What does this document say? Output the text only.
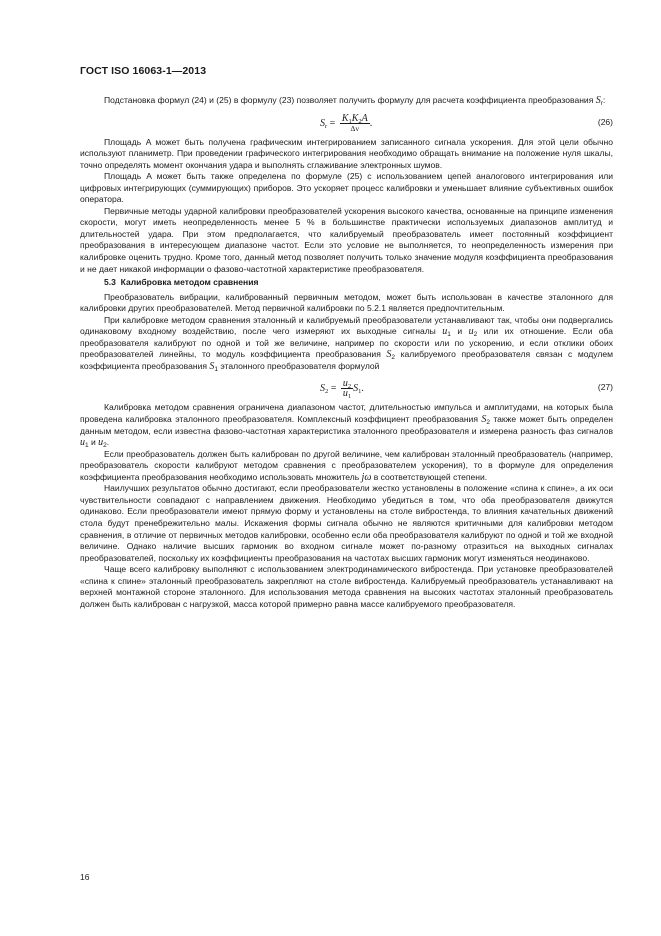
ГОСТ ISO 16063-1—2013

Подстановка формул (24) и (25) в формулу (23) позволяет получить формулу для расчета коэффициента преобразования $S_r$:

$S_r = \frac{K_1K_2A}{\Delta v}$ .	(26)

Площадь A может быть получена графическим интегрированием записанного сигнала ускорения. Для этой цели обычно используют планиметр. При проведении графического интегрирования необходимо обращать внимание на положение нуля шкалы, точно определять момент окончания удара и выполнять сглаживание электронных шумов.

Площадь A может быть также определена по формуле (25) с использованием цепей аналогового интегрирования или цифровых интегрирующих (суммирующих) приборов. Это ускоряет процесс калибровки и уменьшает влияние субъективных ошибок оператора.

Первичные методы ударной калибровки преобразователей ускорения высокого качества, основанные на принципе изменения скорости, могут иметь неопределенность менее 5 % в большинстве практически используемых диапазонов амплитуд и длительностей удара. При этом предполагается, что калибруемый преобразователь имеет постоянный коэффициент преобразования в интересующем диапазоне частот. Если это условие не выполняется, то неопределенность измерения при калибровке оценить трудно. Кроме того, данный метод позволяет получить только значение модуля коэффициента преобразования и не дает никакой информации о фазово-частотной характеристике преобразователя.

5.3 Калибровка методом сравнения

Преобразователь вибрации, калиброванный первичным методом, может быть использован в качестве эталонного для калибровки других преобразователей. Метод первичной калибровки по 5.2.1 является предпочтительным.

При калибровке методом сравнения эталонный и калибруемый преобразователи устанавливают так, чтобы они подвергались одинаковому входному воздействию, после чего измеряют их выходные сигналы $u_1$ и $u_2$ или их отношение. Если оба преобразователя калибруют по одной и той же величине, например по скорости или по ускорению, и если отклики обоих преобразователей линейны, то модуль коэффициента преобразования $S_2$ калибруемого преобразователя связан с модулем коэффициента преобразования $S_1$ эталонного преобразователя формулой

$S_2 = \frac{u_2}{u_1} S_1$.	(27)

Калибровка методом сравнения ограничена диапазоном частот, длительностью импульса и амплитудами, на которых была проведена калибровка эталонного преобразователя. Комплексный коэффициент преобразования $S_2$ также может быть определен данным методом, если известна фазово-частотная характеристика эталонного преобразователя и измерена разность фаз сигналов $u_1$ и $u_2$.

Если преобразователь должен быть калиброван по другой величине, чем калиброван эталонный преобразователь (например, преобразователь скорости калибруют методом сравнения с преобразователем ускорения), то в формуле для определения коэффициента преобразования необходимо использовать множитель jω в соответствующей степени.

Наилучших результатов обычно достигают, если преобразователи жестко установлены в положение «спина к спине», а их оси чувствительности совпадают с направлением движения. Необходимо убедиться в том, что оба преобразователя движутся одинаково. Если преобразователи имеют прямую форму и установлены на столе вибростенда, то влияния качательных движений стола будут пренебрежительно малы. Искажения формы сигнала обычно не являются критичными для калибровки методом сравнения, в отличие от первичных методов калибровки, особенно если оба преобразователя калибруют по одной и той же входной величине. Однако наличие высших гармоник во входном сигнале может по-разному отразиться на выходных сигналах преобразователей, поскольку их коэффициенты преобразования на частотах высших гармоник могут изменяться неодинаково.

Чаще всего калибровку выполняют с использованием электродинамического вибростенда. При установке преобразователей «спина к спине» эталонный преобразователь закрепляют на столе вибростенда. Калибруемый преобразователь устанавливают на верхней монтажной стороне эталонного. Для использования метода сравнения на высоких частотах эталонный преобразователь должен быть калиброван с нагрузкой, масса которой примерно равна массе калибруемого преобразователя.

16
